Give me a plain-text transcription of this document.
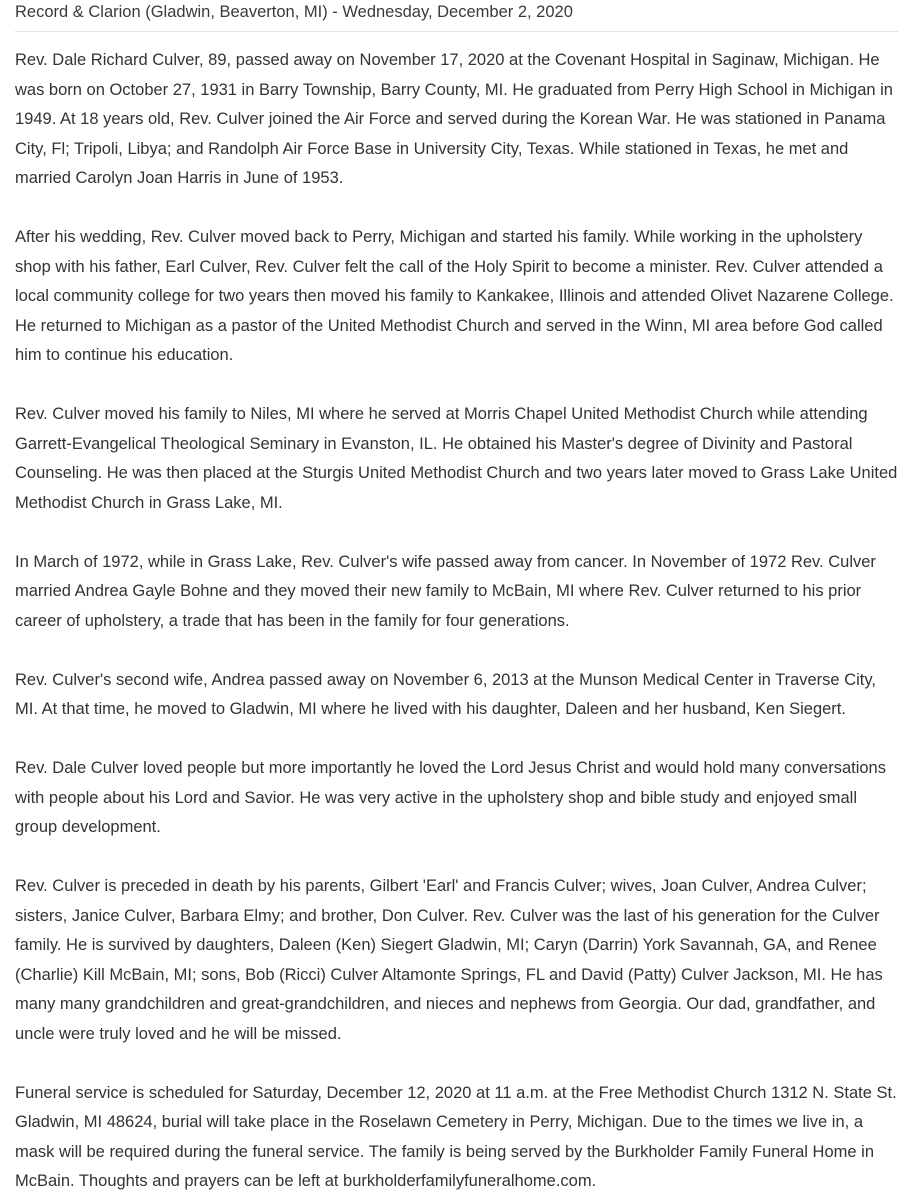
Record & Clarion (Gladwin, Beaverton, MI) - Wednesday, December 2, 2020

Rev. Dale Richard Culver, 89, passed away on November 17, 2020 at the Covenant Hospital in Saginaw, Michigan. He was born on October 27, 1931 in Barry Township, Barry County, MI. He graduated from Perry High School in Michigan in 1949. At 18 years old, Rev. Culver joined the Air Force and served during the Korean War. He was stationed in Panama City, Fl; Tripoli, Libya; and Randolph Air Force Base in University City, Texas. While stationed in Texas, he met and married Carolyn Joan Harris in June of 1953.

After his wedding, Rev. Culver moved back to Perry, Michigan and started his family. While working in the upholstery shop with his father, Earl Culver, Rev. Culver felt the call of the Holy Spirit to become a minister. Rev. Culver attended a local community college for two years then moved his family to Kankakee, Illinois and attended Olivet Nazarene College. He returned to Michigan as a pastor of the United Methodist Church and served in the Winn, MI area before God called him to continue his education.

Rev. Culver moved his family to Niles, MI where he served at Morris Chapel United Methodist Church while attending Garrett-Evangelical Theological Seminary in Evanston, IL. He obtained his Master's degree of Divinity and Pastoral Counseling. He was then placed at the Sturgis United Methodist Church and two years later moved to Grass Lake United Methodist Church in Grass Lake, MI.

In March of 1972, while in Grass Lake, Rev. Culver's wife passed away from cancer. In November of 1972 Rev. Culver married Andrea Gayle Bohne and they moved their new family to McBain, MI where Rev. Culver returned to his prior career of upholstery, a trade that has been in the family for four generations.

Rev. Culver's second wife, Andrea passed away on November 6, 2013 at the Munson Medical Center in Traverse City, MI. At that time, he moved to Gladwin, MI where he lived with his daughter, Daleen and her husband, Ken Siegert.

Rev. Dale Culver loved people but more importantly he loved the Lord Jesus Christ and would hold many conversations with people about his Lord and Savior. He was very active in the upholstery shop and bible study and enjoyed small group development.

Rev. Culver is preceded in death by his parents, Gilbert 'Earl' and Francis Culver; wives, Joan Culver, Andrea Culver; sisters, Janice Culver, Barbara Elmy; and brother, Don Culver. Rev. Culver was the last of his generation for the Culver family. He is survived by daughters, Daleen (Ken) Siegert Gladwin, MI; Caryn (Darrin) York Savannah, GA, and Renee (Charlie) Kill McBain, MI; sons, Bob (Ricci) Culver Altamonte Springs, FL and David (Patty) Culver Jackson, MI. He has many many grandchildren and great-grandchildren, and nieces and nephews from Georgia. Our dad, grandfather, and uncle were truly loved and he will be missed.

Funeral service is scheduled for Saturday, December 12, 2020 at 11 a.m. at the Free Methodist Church 1312 N. State St. Gladwin, MI 48624, burial will take place in the Roselawn Cemetery in Perry, Michigan. Due to the times we live in, a mask will be required during the funeral service. The family is being served by the Burkholder Family Funeral Home in McBain. Thoughts and prayers can be left at burkholderfamilyfuneralhome.com.
